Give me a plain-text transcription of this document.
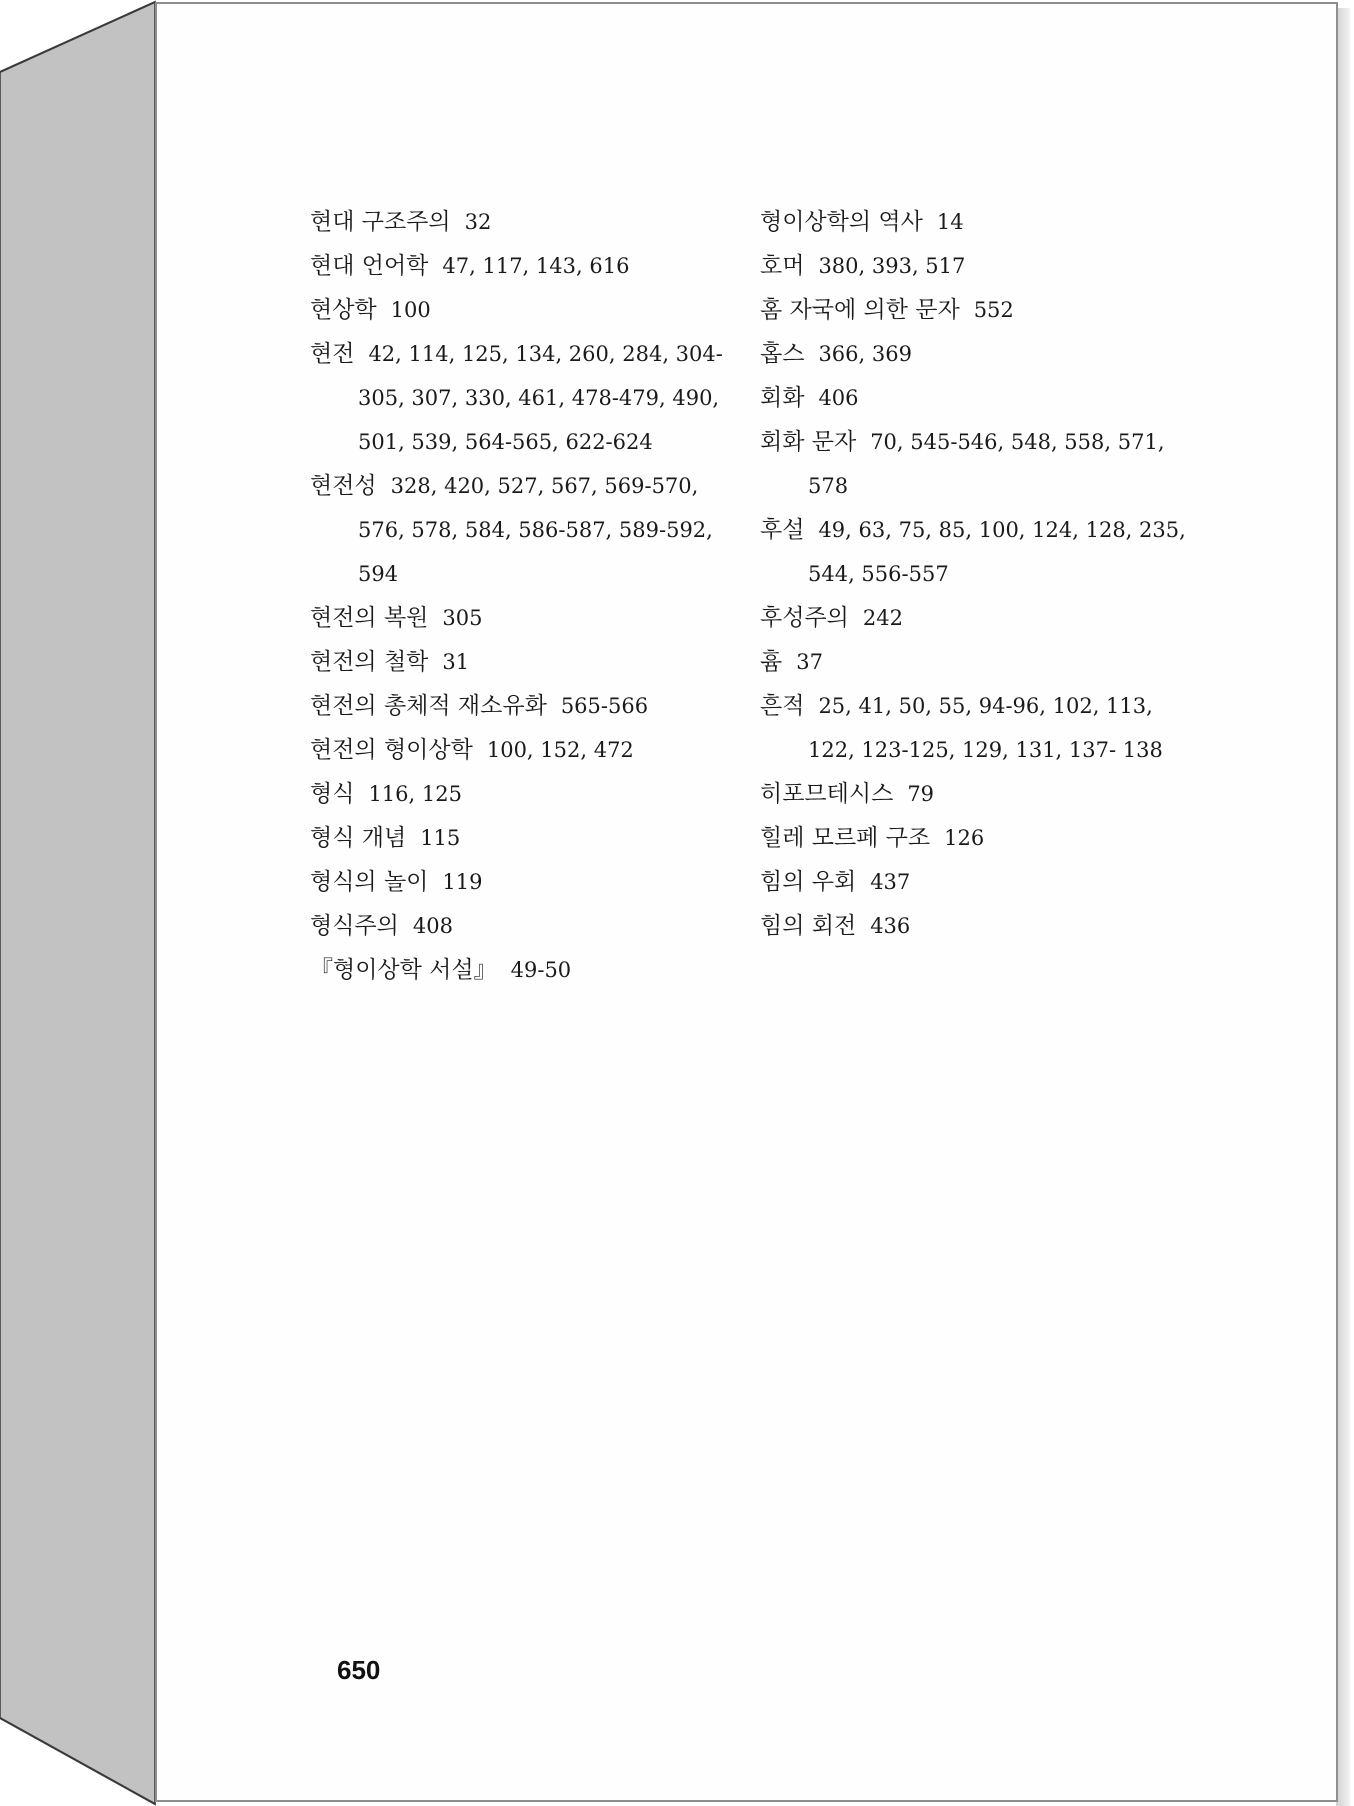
현대 구조주의 32
현대 언어학 47, 117, 143, 616
현상학 100
현전 42, 114, 125, 134, 260, 284, 304-305, 307, 330, 461, 478-479, 490, 501, 539, 564-565, 622-624
현전성 328, 420, 527, 567, 569-570, 576, 578, 584, 586-587, 589-592, 594
현전의 복원 305
현전의 철학 31
현전의 총체적 재소유화 565-566
현전의 형이상학 100, 152, 472
형식 116, 125
형식 개념 115
형식의 놀이 119
형식주의 408
『형이상학 서설』 49-50
형이상학의 역사 14
호머 380, 393, 517
홈 자국에 의한 문자 552
홉스 366, 369
회화 406
회화 문자 70, 545-546, 548, 558, 571, 578
후설 49, 63, 75, 85, 100, 124, 128, 235, 544, 556-557
후성주의 242
흄 37
흔적 25, 41, 50, 55, 94-96, 102, 113, 122, 123-125, 129, 131, 137- 138
히포므테시스 79
힐레 모르페 구조 126
힘의 우회 437
힘의 회전 436
650
